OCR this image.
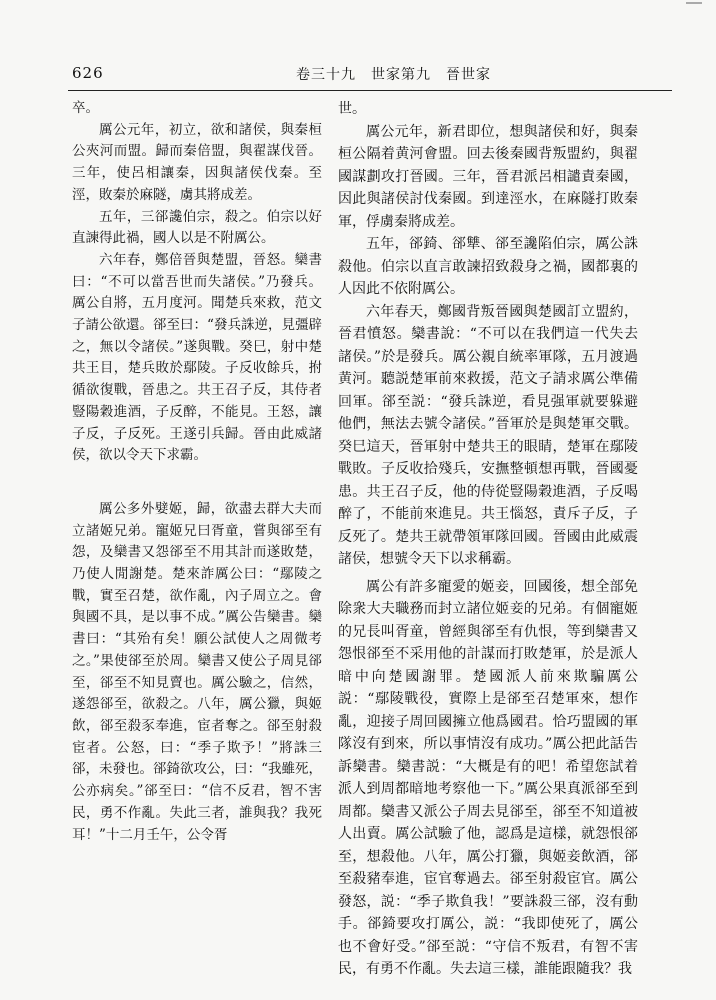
626	卷三十九　世家第九　晉世家

卒。

厲公元年，初立，欲和諸侯，與秦桓公夾河而盟。歸而秦倍盟，與翟謀伐晉。三年，使呂相讓秦，因與諸侯伐秦。至涇，敗秦於麻隧，虜其將成差。

五年，三郤讒伯宗，殺之。伯宗以好直諫得此禍，國人以是不附厲公。

六年春，鄭倍晉與楚盟，晉怒。欒書曰：“不可以當吾世而失諸侯。”乃發兵。厲公自將，五月度河。聞楚兵來救，范文子請公欲還。郤至曰：“發兵誅逆，見彊辟之，無以令諸侯。”遂與戰。癸巳，射中楚共王目，楚兵敗於鄢陵。子反收餘兵，拊循欲復戰，晉患之。共王召子反，其侍者豎陽穀進酒，子反醉，不能見。王怒，讓子反，子反死。王遂引兵歸。晉由此威諸侯，欲以令天下求霸。

厲公多外嬖姬，歸，欲盡去群大夫而立諸姬兄弟。寵姬兄曰胥童，嘗與郤至有怨，及欒書又怨郤至不用其計而遂敗楚，乃使人閒謝楚。楚來詐厲公曰：“鄢陵之戰，實至召楚，欲作亂，內子周立之。會與國不具，是以事不成。”厲公告欒書。欒書曰：“其殆有矣！願公試使人之周微考之。”果使郤至於周。欒書又使公子周見郤至，郤至不知見賣也。厲公驗之，信然，遂怨郤至，欲殺之。八年，厲公獵，與姬飲，郤至殺豕奉進，宦者奪之。郤至射殺宦者。公怒，曰：“季子欺予！”將誅三郤，未發也。郤錡欲攻公，曰：“我雖死，公亦病矣。”郤至曰：“信不反君，智不害民，勇不作亂。失此三者，誰與我？我死耳！”十二月壬午，公令胥

世。

厲公元年，新君即位，想與諸侯和好，與秦桓公隔着黄河會盟。回去後秦國背叛盟約，與翟國謀劃攻打晉國。三年，晉君派呂相譴責秦國，因此與諸侯討伐秦國。到達涇水，在麻隧打敗秦軍，俘虜秦將成差。

五年，郤錡、郤犨、郤至讒陷伯宗，厲公誅殺他。伯宗以直言敢諫招致殺身之禍，國都裏的人因此不依附厲公。

六年春天，鄭國背叛晉國與楚國訂立盟約，晉君憤怒。欒書說：“不可以在我們這一代失去諸侯。”於是發兵。厲公親自統率軍隊，五月渡過黄河。聽説楚軍前來救援，范文子請求厲公準備回軍。郤至説：“發兵誅逆，看見强軍就要躲避他們，無法去號令諸侯。”晉軍於是與楚軍交戰。癸巳這天，晉軍射中楚共王的眼睛，楚軍在鄢陵戰敗。子反收拾殘兵，安撫整頓想再戰，晉國憂患。共王召子反，他的侍從豎陽穀進酒，子反喝醉了，不能前來進見。共王惱怒，責斥子反，子反死了。楚共王就帶領軍隊回國。晉國由此威震諸侯，想號令天下以求稱霸。

厲公有許多寵愛的姬妾，回國後，想全部免除衆大夫職務而封立諸位姬妾的兄弟。有個寵姬的兄長叫胥童，曾經與郤至有仇恨，等到欒書又怨恨郤至不采用他的計謀而打敗楚軍，於是派人暗中向楚國謝罪。楚國派人前來欺騙厲公説：“鄢陵戰役，實際上是郤至召楚軍來，想作亂，迎接子周回國擁立他爲國君。恰巧盟國的軍隊沒有到來，所以事情沒有成功。”厲公把此話告訴欒書。欒書説：“大概是有的吧！希望您試着派人到周都暗地考察他一下。”厲公果真派郤至到周都。欒書又派公子周去見郤至，郤至不知道被人出賣。厲公試驗了他，認爲是這樣，就怨恨郤至，想殺他。八年，厲公打獵，與姬妾飲酒，郤至殺豬奉進，宦官奪過去。郤至射殺宦官。厲公發怒，説：“季子欺負我！”要誅殺三郤，沒有動手。郤錡要攻打厲公，説：“我即使死了，厲公也不會好受。”郤至説：“守信不叛君，有智不害民，有勇不作亂。失去這三樣，誰能跟隨我？我
